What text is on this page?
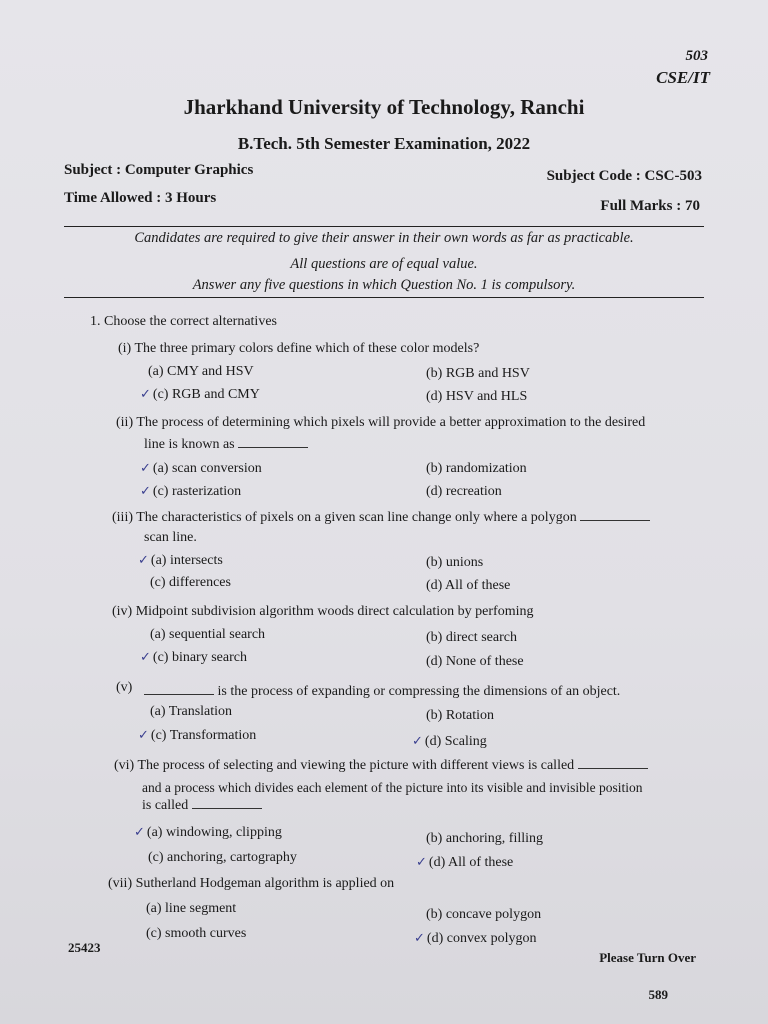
503
CSE/IT
Jharkhand University of Technology, Ranchi
B.Tech. 5th Semester Examination, 2022
Subject : Computer Graphics	Subject Code : CSC-503
Time Allowed : 3 Hours	Full Marks : 70
Candidates are required to give their answer in their own words as far as practicable.
All questions are of equal value.
Answer any five questions in which Question No. 1 is compulsory.
1. Choose the correct alternatives
(i) The three primary colors define which of these color models?
(a) CMY and HSV	(b) RGB and HSV
✓ (c) RGB and CMY	(d) HSV and HLS
(ii) The process of determining which pixels will provide a better approximation to the desired
line is known as
✓ (a) scan conversion	(b) randomization
✓ (c) rasterization	(d) recreation
(iii) The characteristics of pixels on a given scan line change only where a polygon
scan line.
✓ (a) intersects	(b) unions
(c) differences	(d) All of these
(iv) Midpoint subdivision algorithm woods direct calculation by perfoming
(a) sequential search	(b) direct search
✓ (c) binary search	(d) None of these
(v)	is the process of expanding or compressing the dimensions of an object.
(a) Translation	(b) Rotation
✓ (c) Transformation	✓ (d) Scaling
(vi) The process of selecting and viewing the picture with different views is called
and a process which divides each element of the picture into its visible and invisible position
is called
✓ (a) windowing, clipping	(b) anchoring, filling
(c) anchoring, cartography	✓ (d) All of these
(vii) Sutherland Hodgeman algorithm is applied on
(a) line segment	(b) concave polygon
(c) smooth curves	✓ (d) convex polygon
25423
Please Turn Over
589
